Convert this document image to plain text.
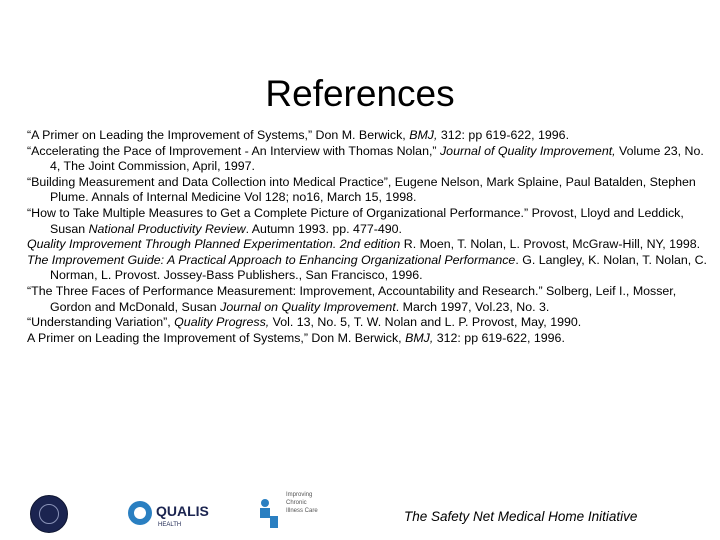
References
“A Primer on Leading the Improvement of Systems,” Don M. Berwick, BMJ, 312: pp 619-622, 1996.
“Accelerating the Pace of Improvement - An Interview with Thomas Nolan,” Journal of Quality Improvement, Volume 23, No. 4, The Joint Commission, April, 1997.
“Building Measurement and Data Collection into Medical Practice”, Eugene Nelson, Mark Splaine, Paul Batalden, Stephen Plume. Annals of Internal Medicine Vol 128; no16, March 15, 1998.
“How to Take Multiple Measures to Get a Complete Picture of Organizational Performance.” Provost, Lloyd and Leddick, Susan National Productivity Review. Autumn 1993. pp. 477-490.
Quality Improvement Through Planned Experimentation. 2nd edition R. Moen, T. Nolan, L. Provost, McGraw-Hill, NY, 1998.
The Improvement Guide: A Practical Approach to Enhancing Organizational Performance. G. Langley, K. Nolan, T. Nolan, C. Norman, L. Provost. Jossey-Bass Publishers., San Francisco, 1996.
“The Three Faces of Performance Measurement: Improvement, Accountability and Research.” Solberg, Leif I., Mosser, Gordon and McDonald, Susan Journal on Quality Improvement. March 1997, Vol.23, No. 3.
“Understanding Variation”, Quality Progress, Vol. 13, No. 5, T. W. Nolan and L. P. Provost, May, 1990.
A Primer on Leading the Improvement of Systems,” Don M. Berwick, BMJ, 312: pp 619-622, 1996.
QUALIS
HEALTH
Improving
Chronic
Illness Care	The Safety Net Medical Home Initiative
